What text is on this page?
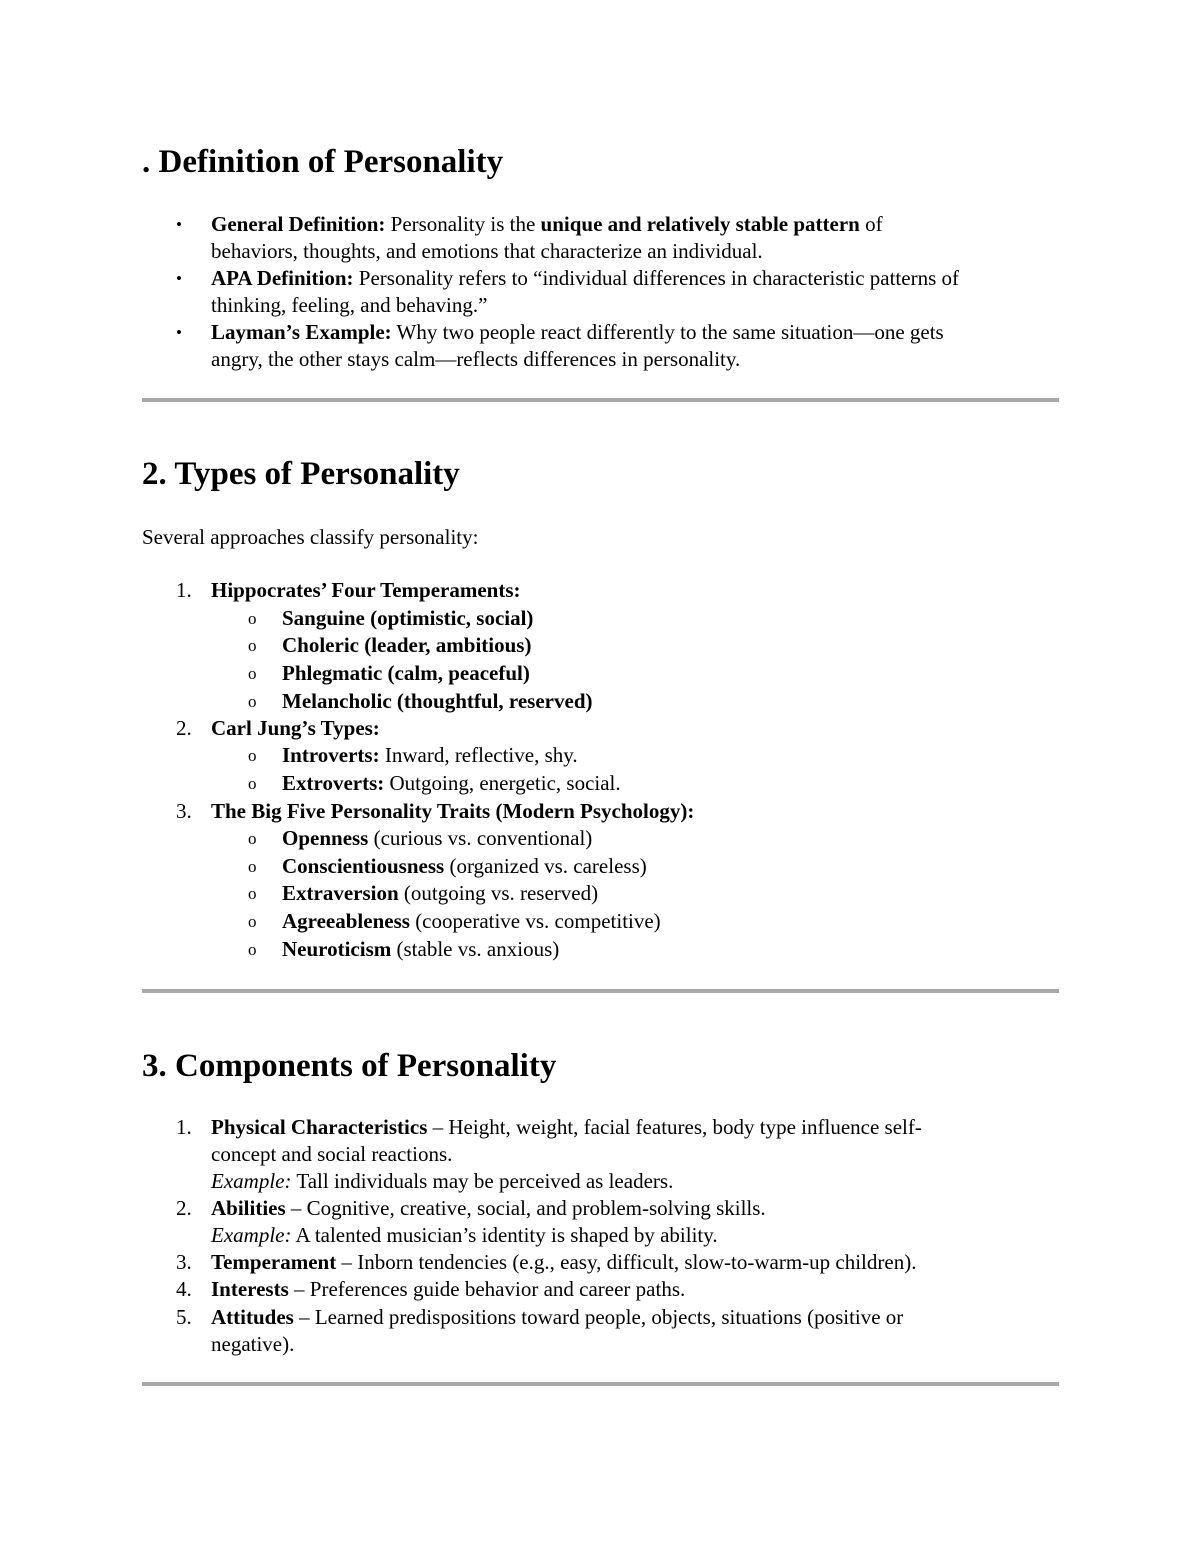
. Definition of Personality
• General Definition: Personality is the unique and relatively stable pattern of
behaviors, thoughts, and emotions that characterize an individual.
• APA Definition: Personality refers to “individual differences in characteristic patterns of
thinking, feeling, and behaving.”
• Layman’s Example: Why two people react differently to the same situation—one gets
angry, the other stays calm—reflects differences in personality.
2. Types of Personality
Several approaches classify personality:
1. Hippocrates’ Four Temperaments:
o Sanguine (optimistic, social)
o Choleric (leader, ambitious)
o Phlegmatic (calm, peaceful)
o Melancholic (thoughtful, reserved)
2. Carl Jung’s Types:
o Introverts: Inward, reflective, shy.
o Extroverts: Outgoing, energetic, social.
3. The Big Five Personality Traits (Modern Psychology):
o Openness (curious vs. conventional)
o Conscientiousness (organized vs. careless)
o Extraversion (outgoing vs. reserved)
o Agreeableness (cooperative vs. competitive)
o Neuroticism (stable vs. anxious)
3. Components of Personality
1. Physical Characteristics – Height, weight, facial features, body type influence self-
concept and social reactions.
Example: Tall individuals may be perceived as leaders.
2. Abilities – Cognitive, creative, social, and problem-solving skills.
Example: A talented musician’s identity is shaped by ability.
3. Temperament – Inborn tendencies (e.g., easy, difficult, slow-to-warm-up children).
4. Interests – Preferences guide behavior and career paths.
5. Attitudes – Learned predispositions toward people, objects, situations (positive or
negative).
